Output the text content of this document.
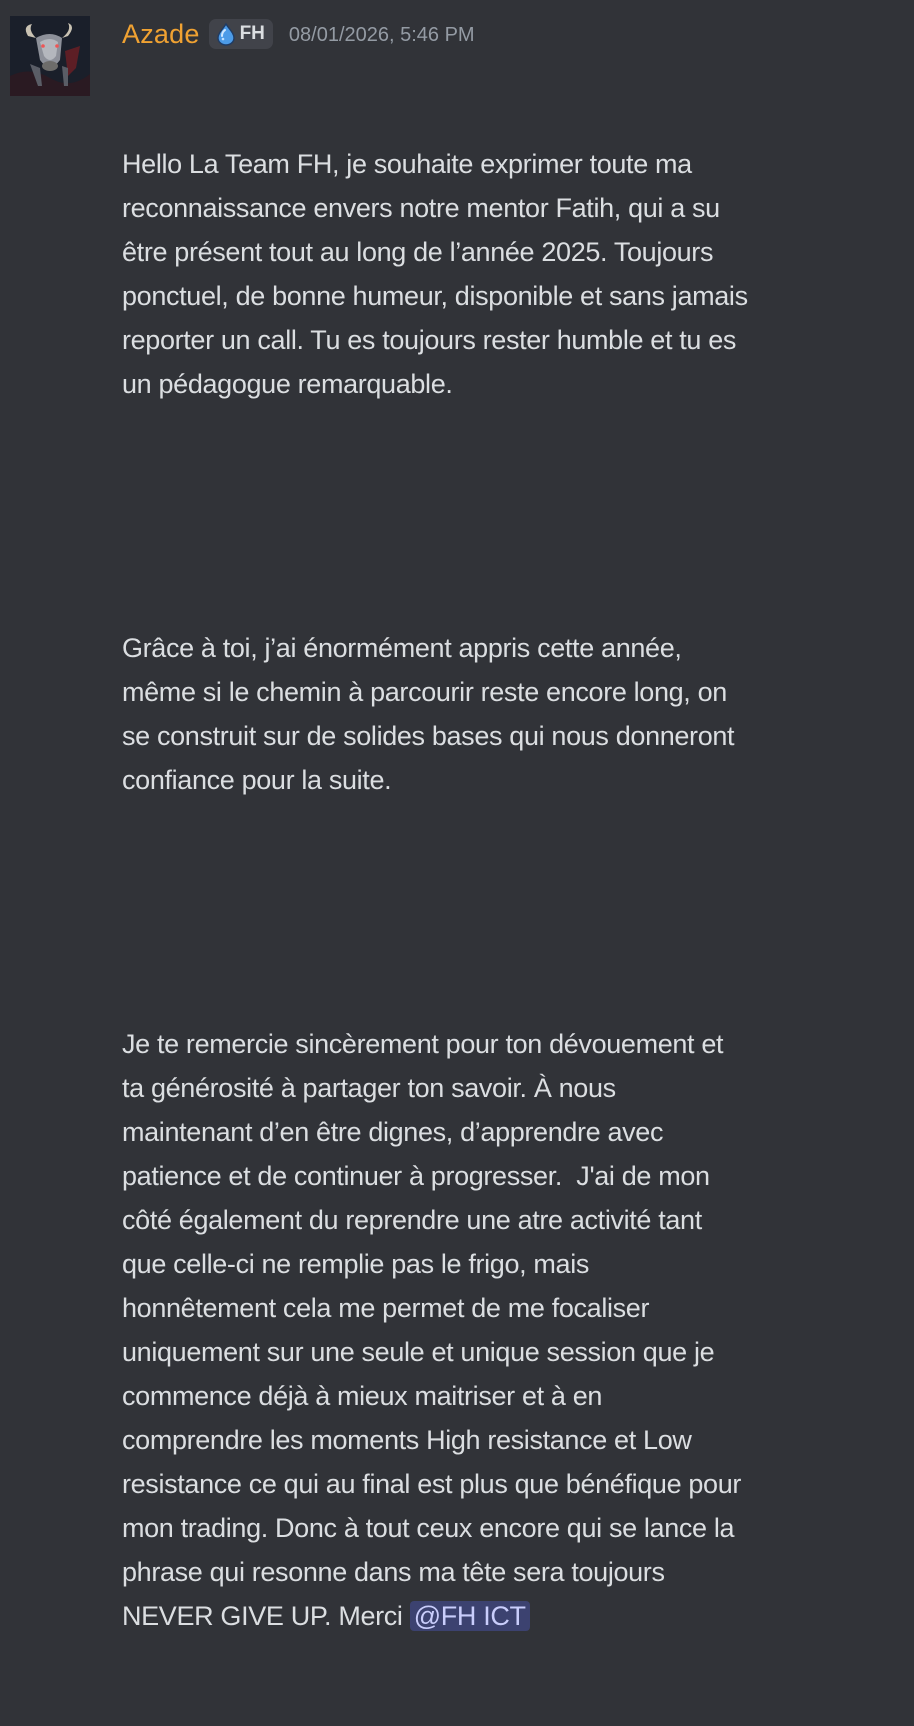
Azade FH 08/01/2026, 5:46 PM

Hello La Team FH, je souhaite exprimer toute ma
reconnaissance envers notre mentor Fatih, qui a su
être présent tout au long de l’année 2025. Toujours
ponctuel, de bonne humeur, disponible et sans jamais
reporter un call. Tu es toujours rester humble et tu es
un pédagogue remarquable.

Grâce à toi, j’ai énormément appris cette année,
même si le chemin à parcourir reste encore long, on
se construit sur de solides bases qui nous donneront
confiance pour la suite.

Je te remercie sincèrement pour ton dévouement et
ta générosité à partager ton savoir. À nous
maintenant d’en être dignes, d’apprendre avec
patience et de continuer à progresser.  J'ai de mon
côté également du reprendre une atre activité tant
que celle-ci ne remplie pas le frigo, mais
honnêtement cela me permet de me focaliser
uniquement sur une seule et unique session que je
commence déjà à mieux maitriser et à en
comprendre les moments High resistance et Low
resistance ce qui au final est plus que bénéfique pour
mon trading. Donc à tout ceux encore qui se lance la
phrase qui resonne dans ma tête sera toujours
NEVER GIVE UP. Merci @FH ICT
